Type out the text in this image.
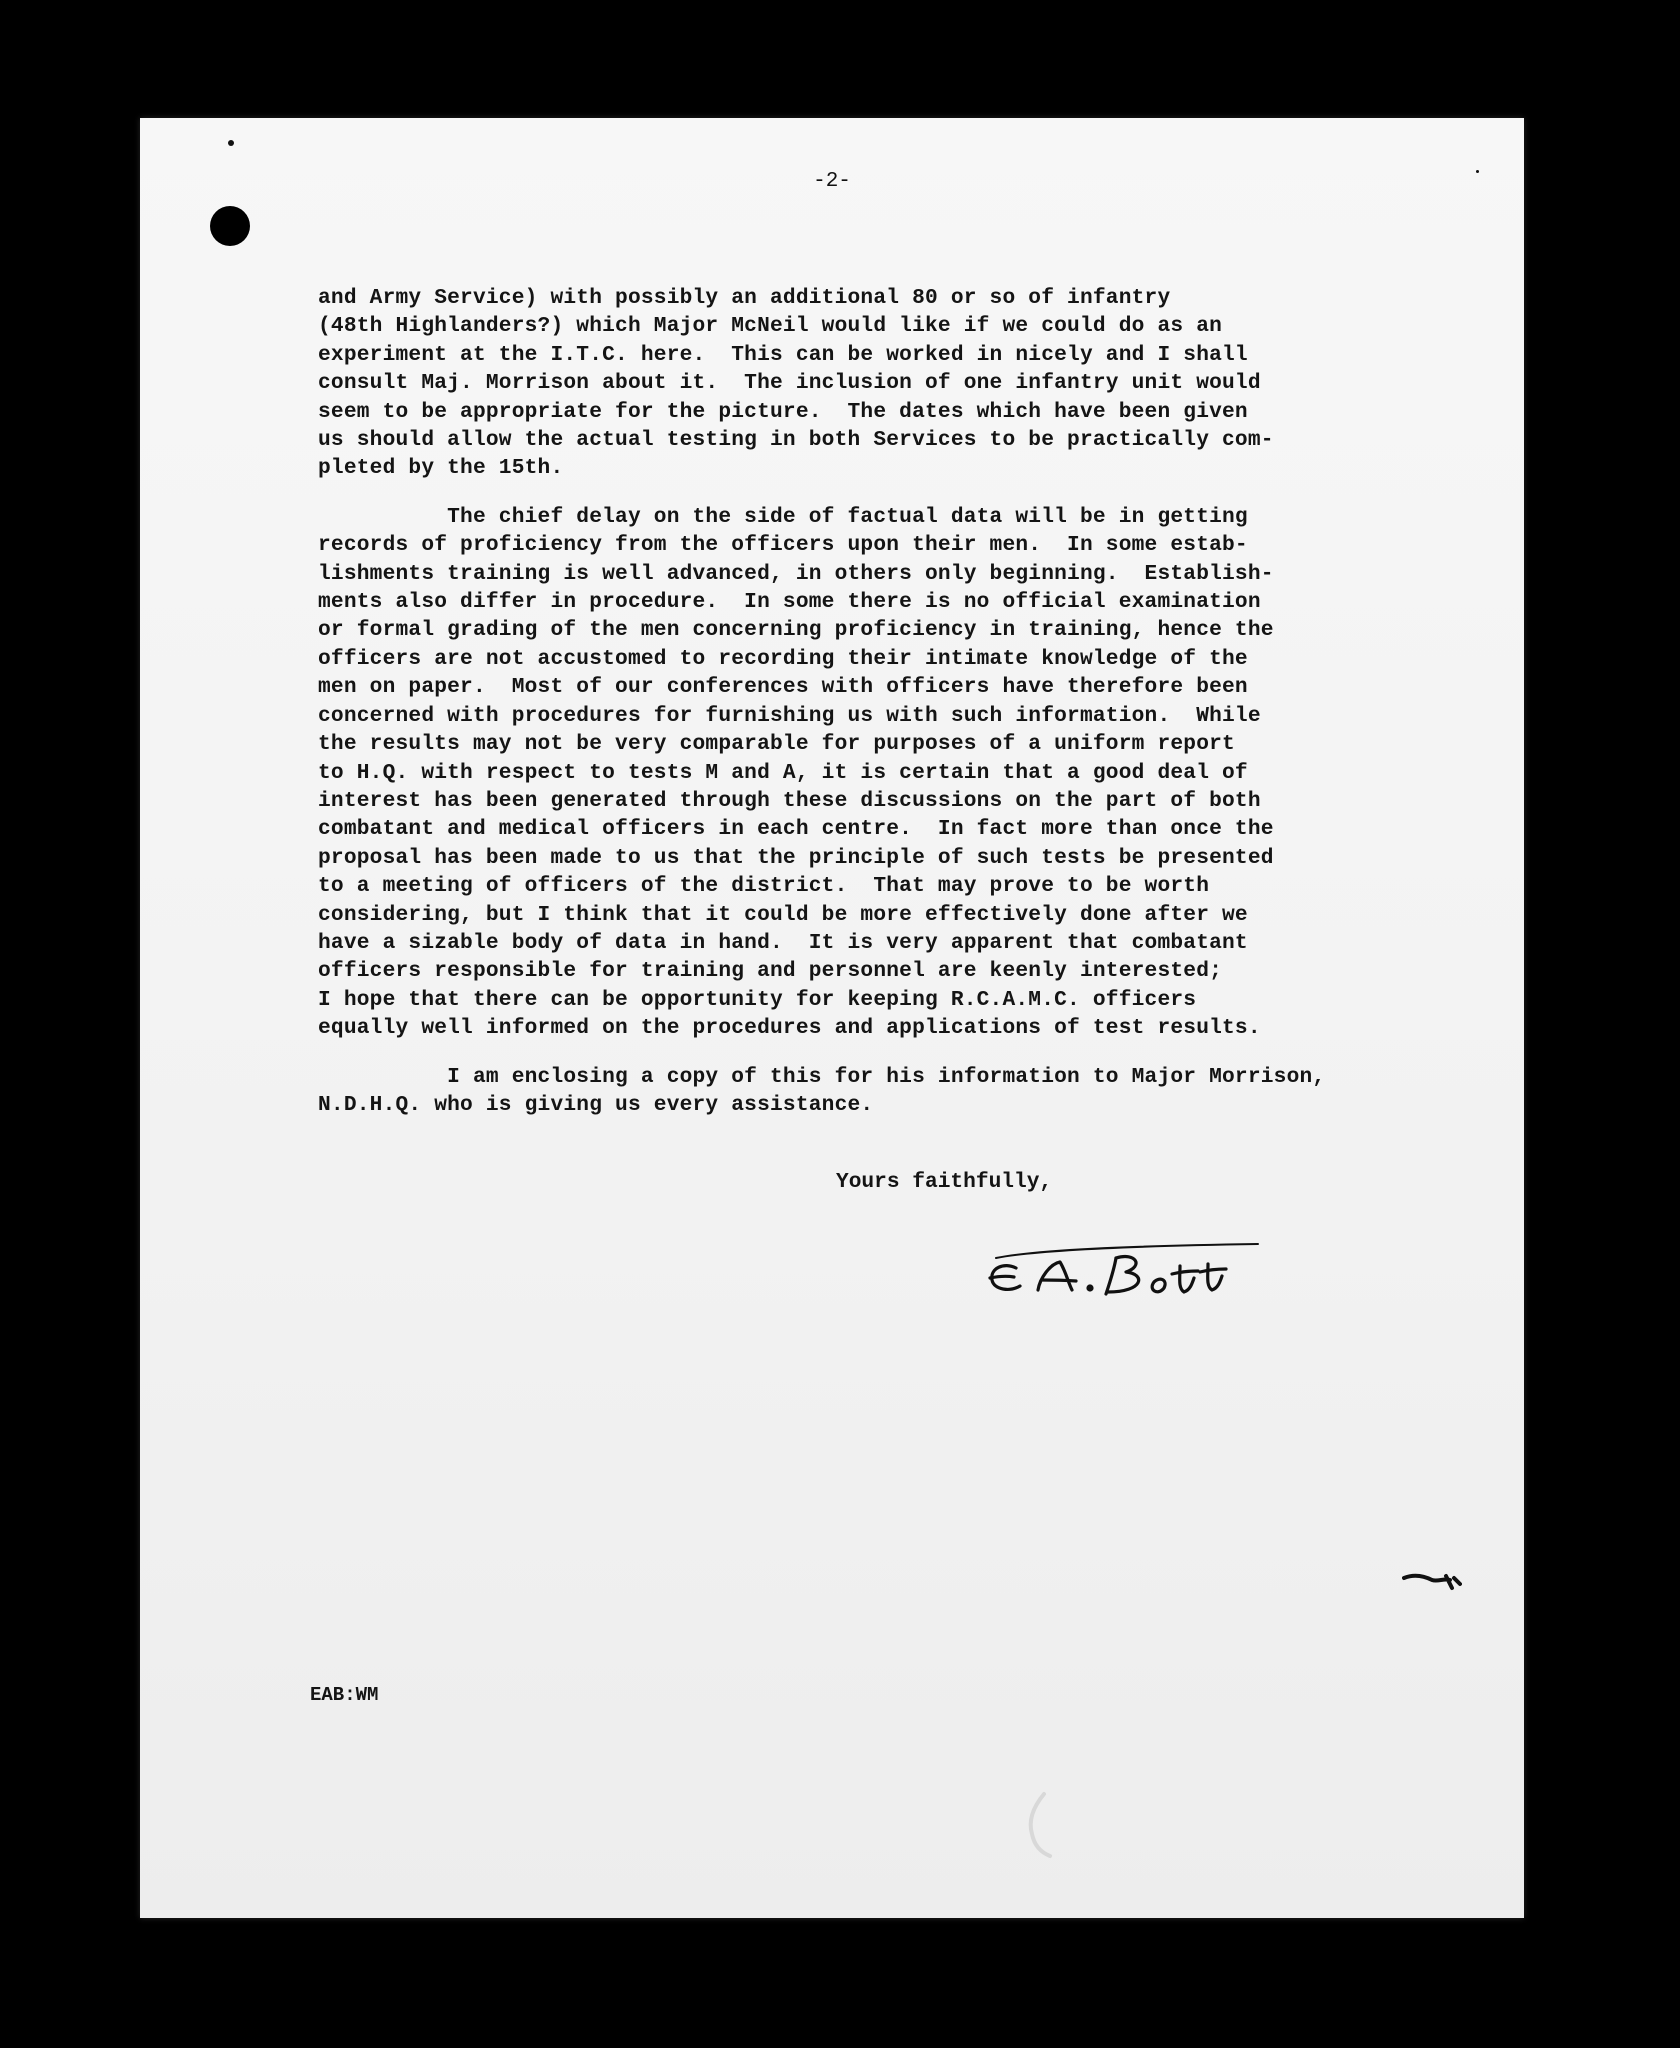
-2-
and Army Service) with possibly an additional 80 or so of infantry
(48th Highlanders?) which Major McNeil would like if we could do as an
experiment at the I.T.C. here.  This can be worked in nicely and I shall
consult Maj. Morrison about it.  The inclusion of one infantry unit would
seem to be appropriate for the picture.  The dates which have been given
us should allow the actual testing in both Services to be practically com-
pleted by the 15th.
The chief delay on the side of factual data will be in getting
records of proficiency from the officers upon their men.  In some estab-
lishments training is well advanced, in others only beginning.  Establish-
ments also differ in procedure.  In some there is no official examination
or formal grading of the men concerning proficiency in training, hence the
officers are not accustomed to recording their intimate knowledge of the
men on paper.  Most of our conferences with officers have therefore been
concerned with procedures for furnishing us with such information.  While
the results may not be very comparable for purposes of a uniform report
to H.Q. with respect to tests M and A, it is certain that a good deal of
interest has been generated through these discussions on the part of both
combatant and medical officers in each centre.  In fact more than once the
proposal has been made to us that the principle of such tests be presented
to a meeting of officers of the district.  That may prove to be worth
considering, but I think that it could be more effectively done after we
have a sizable body of data in hand.  It is very apparent that combatant
officers responsible for training and personnel are keenly interested;
I hope that there can be opportunity for keeping R.C.A.M.C. officers
equally well informed on the procedures and applications of test results.
I am enclosing a copy of this for his information to Major Morrison,
N.D.H.Q. who is giving us every assistance.
Yours faithfully,
EAB:WM
